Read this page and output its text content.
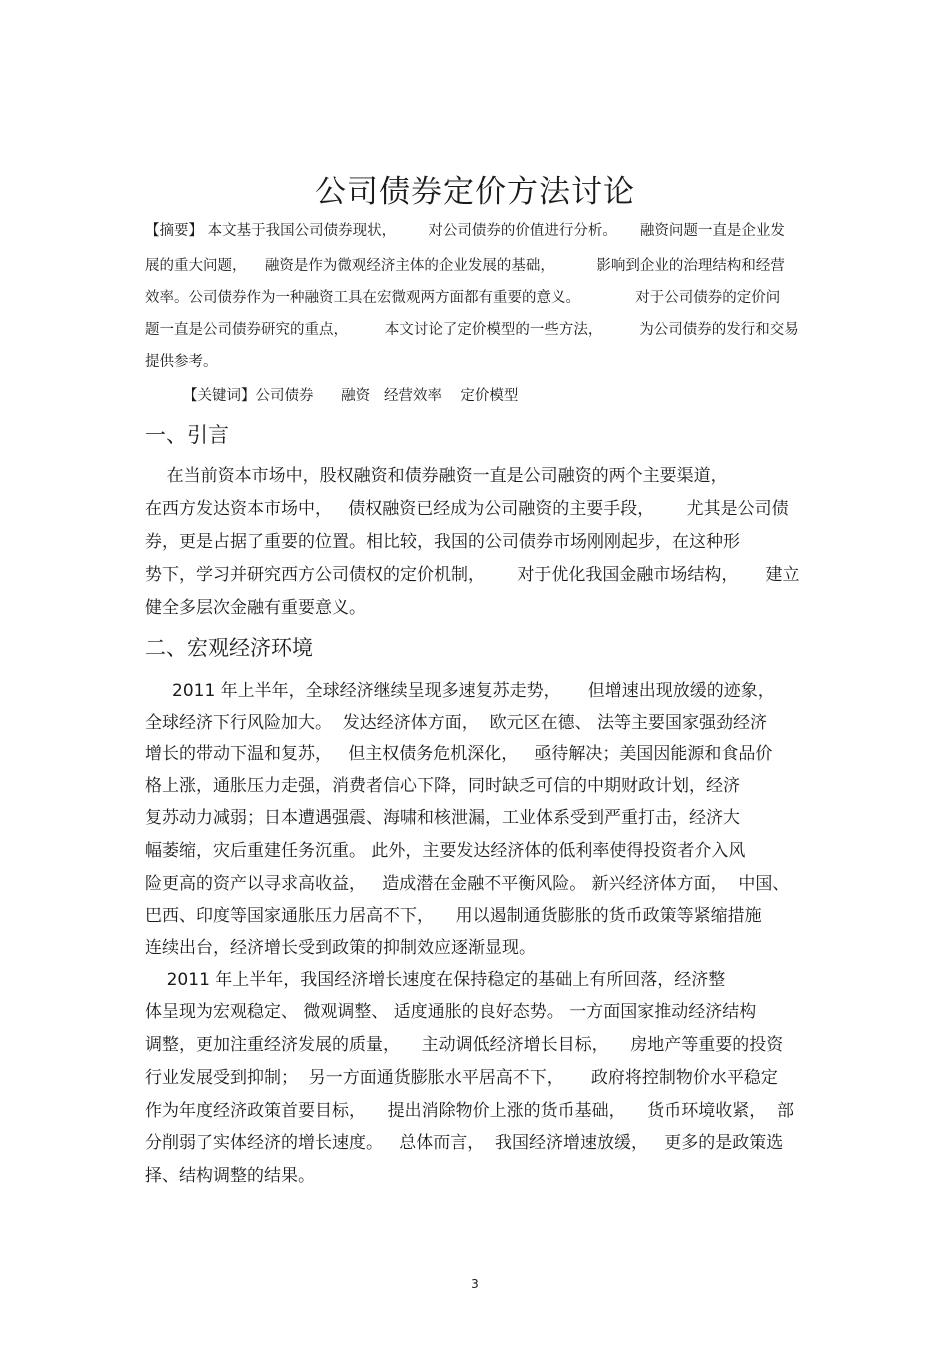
公司债券定价方法讨论
【摘要】 本文基于我国公司债券现状，       对公司债券的价值进行分析。     融资问题一直是企业发
展的重大问题，    融资是作为微观经济主体的企业发展的基础，         影响到企业的治理结构和经营
效率。公司债券作为一种融资工具在宏微观两方面都有重要的意义。            对于公司债券的定价问
题一直是公司债券研究的重点，        本文讨论了定价模型的一些方法，        为公司债券的发行和交易
提供参考。
【关键词】公司债券      融资   经营效率    定价模型
一、引言
在当前资本市场中，股权融资和债券融资一直是公司融资的两个主要渠道，
在西方发达资本市场中，   债权融资已经成为公司融资的主要手段，      尤其是公司债
券，更是占据了重要的位置。相比较，我国的公司债券市场刚刚起步，在这种形
势下，学习并研究西方公司债权的定价机制，      对于优化我国金融市场结构，     建立
健全多层次金融有重要意义。
二、宏观经济环境
2011 年上半年，全球经济继续呈现多速复苏走势，     但增速出现放缓的迹象，
全球经济下行风险加大。  发达经济体方面，  欧元区在德、 法等主要国家强劲经济
增长的带动下温和复苏，   但主权债务危机深化，   亟待解决；美国因能源和食品价
格上涨，通胀压力走强，消费者信心下降，同时缺乏可信的中期财政计划，经济
复苏动力减弱；日本遭遇强震、海啸和核泄漏，工业体系受到严重打击，经济大
幅萎缩，灾后重建任务沉重。 此外，主要发达经济体的低利率使得投资者介入风
险更高的资产以寻求高收益，   造成潜在金融不平衡风险。 新兴经济体方面，  中国、
巴西、印度等国家通胀压力居高不下，    用以遏制通货膨胀的货币政策等紧缩措施
连续出台，经济增长受到政策的抑制效应逐渐显现。
2011 年上半年，我国经济增长速度在保持稳定的基础上有所回落，经济整
体呈现为宏观稳定、 微观调整、 适度通胀的良好态势。 一方面国家推动经济结构
调整，更加注重经济发展的质量，    主动调低经济增长目标，    房地产等重要的投资
行业发展受到抑制；  另一方面通货膨胀水平居高不下，     政府将控制物价水平稳定
作为年度经济政策首要目标，    提出消除物价上涨的货币基础，    货币环境收紧，  部
分削弱了实体经济的增长速度。   总体而言，  我国经济增速放缓，   更多的是政策选
择、结构调整的结果。
3
